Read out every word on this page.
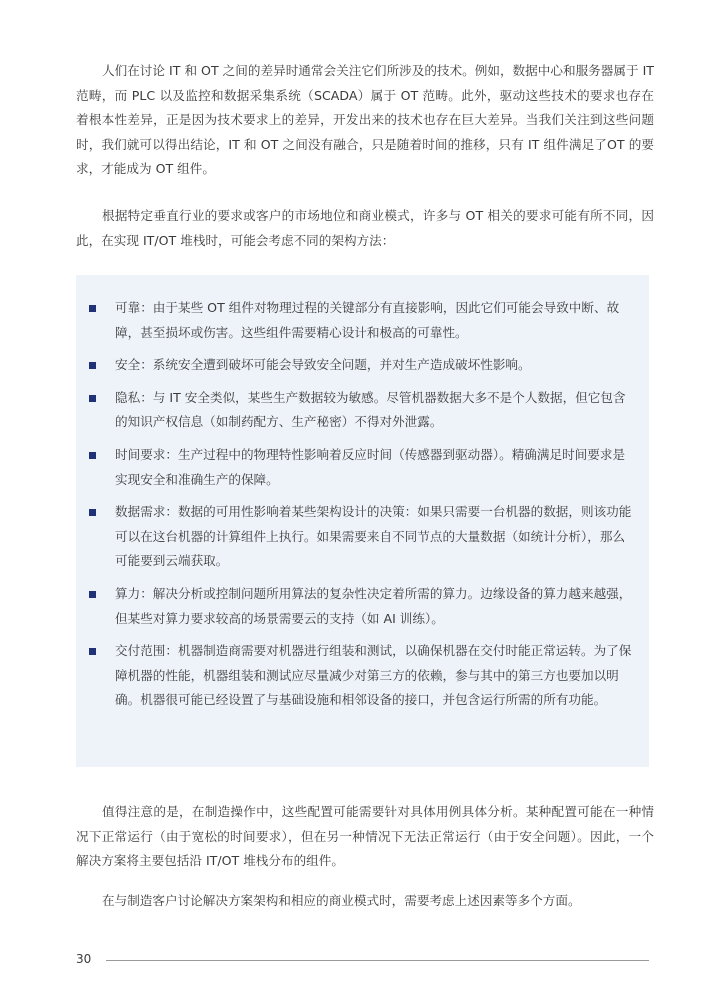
人们在讨论 IT 和 OT 之间的差异时通常会关注它们所涉及的技术。例如，数据中心和服务器属于 IT 范畴，而 PLC 以及监控和数据采集系统（SCADA）属于 OT 范畴。此外，驱动这些技术的要求也存在着根本性差异，正是因为技术要求上的差异，开发出来的技术也存在巨大差异。当我们关注到这些问题时，我们就可以得出结论，IT 和 OT 之间没有融合，只是随着时间的推移，只有 IT 组件满足了OT 的要求，才能成为 OT 组件。

根据特定垂直行业的要求或客户的市场地位和商业模式，许多与 OT 相关的要求可能有所不同，因此，在实现 IT/OT 堆栈时，可能会考虑不同的架构方法：

可靠：由于某些 OT 组件对物理过程的关键部分有直接影响，因此它们可能会导致中断、故障，甚至损坏或伤害。这些组件需要精心设计和极高的可靠性。

安全：系统安全遭到破坏可能会导致安全问题，并对生产造成破坏性影响。

隐私：与 IT 安全类似，某些生产数据较为敏感。尽管机器数据大多不是个人数据，但它包含的知识产权信息（如制药配方、生产秘密）不得对外泄露。

时间要求：生产过程中的物理特性影响着反应时间（传感器到驱动器）。精确满足时间要求是实现安全和准确生产的保障。

数据需求：数据的可用性影响着某些架构设计的决策：如果只需要一台机器的数据，则该功能可以在这台机器的计算组件上执行。如果需要来自不同节点的大量数据（如统计分析），那么可能要到云端获取。

算力：解决分析或控制问题所用算法的复杂性决定着所需的算力。边缘设备的算力越来越强，但某些对算力要求较高的场景需要云的支持（如 AI 训练）。

交付范围：机器制造商需要对机器进行组装和测试，以确保机器在交付时能正常运转。为了保障机器的性能，机器组装和测试应尽量减少对第三方的依赖，参与其中的第三方也要加以明确。机器很可能已经设置了与基础设施和相邻设备的接口，并包含运行所需的所有功能。

值得注意的是，在制造操作中，这些配置可能需要针对具体用例具体分析。某种配置可能在一种情况下正常运行（由于宽松的时间要求），但在另一种情况下无法正常运行（由于安全问题）。因此，一个解决方案将主要包括沿 IT/OT 堆栈分布的组件。

在与制造客户讨论解决方案架构和相应的商业模式时，需要考虑上述因素等多个方面。

30
